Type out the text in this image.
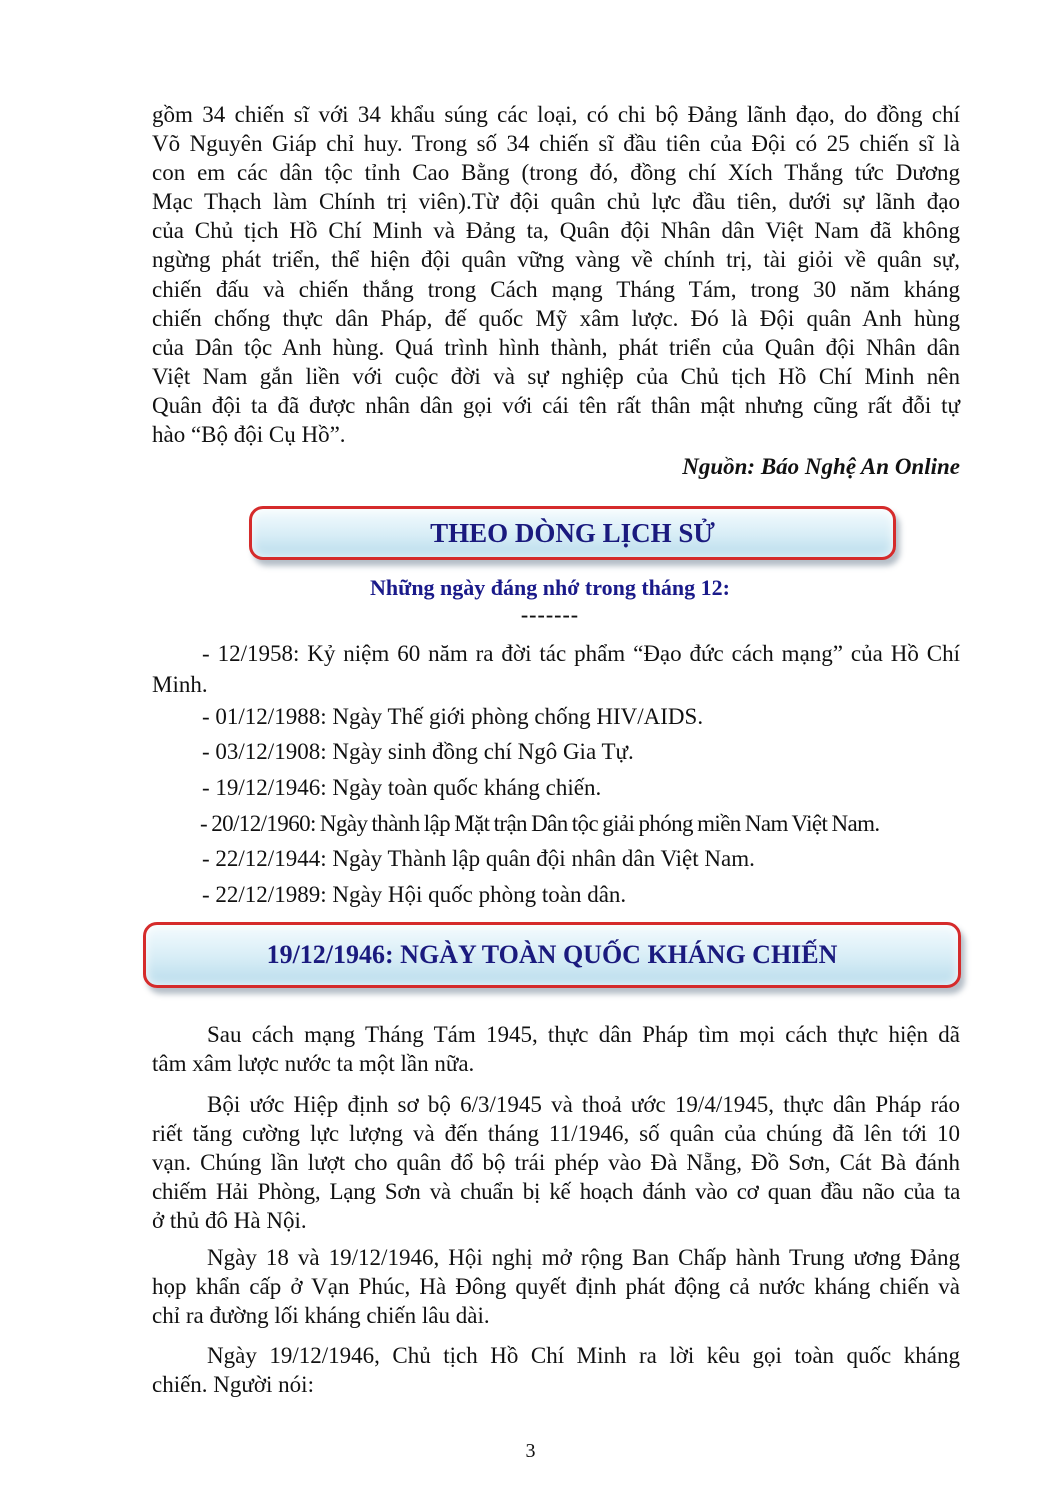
gồm 34 chiến sĩ với 34 khẩu súng các loại, có chi bộ Đảng lãnh đạo, do đồng chí
Võ Nguyên Giáp chỉ huy. Trong số 34 chiến sĩ đầu tiên của Đội có 25 chiến sĩ là
con em các dân tộc tỉnh Cao Bằng (trong đó, đồng chí Xích Thắng tức Dương
Mạc Thạch làm Chính trị viên).Từ đội quân chủ lực đầu tiên, dưới sự lãnh đạo
của Chủ tịch Hồ Chí Minh và Đảng ta, Quân đội Nhân dân Việt Nam đã không
ngừng phát triển, thể hiện đội quân vững vàng về chính trị, tài giỏi về quân sự,
chiến đấu và chiến thắng trong Cách mạng Tháng Tám, trong 30 năm kháng
chiến chống thực dân Pháp, đế quốc Mỹ xâm lược. Đó là Đội quân Anh hùng
của Dân tộc Anh hùng. Quá trình hình thành, phát triển của Quân đội Nhân dân
Việt Nam gắn liền với cuộc đời và sự nghiệp của Chủ tịch Hồ Chí Minh nên
Quân đội ta đã được nhân dân gọi với cái tên rất thân mật nhưng cũng rất đỗi tự
hào “Bộ đội Cụ Hồ”.
Nguồn: Báo Nghệ An Online
THEO DÒNG LỊCH SỬ
Những ngày đáng nhớ trong tháng 12:
-------
- 12/1958: Kỷ niệm 60 năm ra đời tác phẩm “Đạo đức cách mạng” của Hồ Chí Minh.
- 01/12/1988: Ngày Thế giới phòng chống HIV/AIDS.
- 03/12/1908: Ngày sinh đồng chí Ngô Gia Tự.
- 19/12/1946: Ngày toàn quốc kháng chiến.
- 20/12/1960: Ngày thành lập Mặt trận Dân tộc giải phóng miền Nam Việt Nam.
- 22/12/1944: Ngày Thành lập quân đội nhân dân Việt Nam.
- 22/12/1989: Ngày Hội quốc phòng toàn dân.
19/12/1946: NGÀY TOÀN QUỐC KHÁNG CHIẾN
Sau cách mạng Tháng Tám 1945, thực dân Pháp tìm mọi cách thực hiện dã
tâm xâm lược nước ta một lần nữa.
Bội ước Hiệp định sơ bộ 6/3/1945 và thoả ước 19/4/1945, thực dân Pháp ráo
riết tăng cường lực lượng và đến tháng 11/1946, số quân của chúng đã lên tới 10
vạn. Chúng lần lượt cho quân đổ bộ trái phép vào Đà Nẵng, Đồ Sơn, Cát Bà đánh
chiếm Hải Phòng, Lạng Sơn và chuẩn bị kế hoạch đánh vào cơ quan đầu não của ta
ở thủ đô Hà Nội.
Ngày 18 và 19/12/1946, Hội nghị mở rộng Ban Chấp hành Trung ương Đảng
họp khẩn cấp ở Vạn Phúc, Hà Đông quyết định phát động cả nước kháng chiến và
chỉ ra đường lối kháng chiến lâu dài.
Ngày 19/12/1946, Chủ tịch Hồ Chí Minh ra lời kêu gọi toàn quốc kháng
chiến. Người nói:
3
